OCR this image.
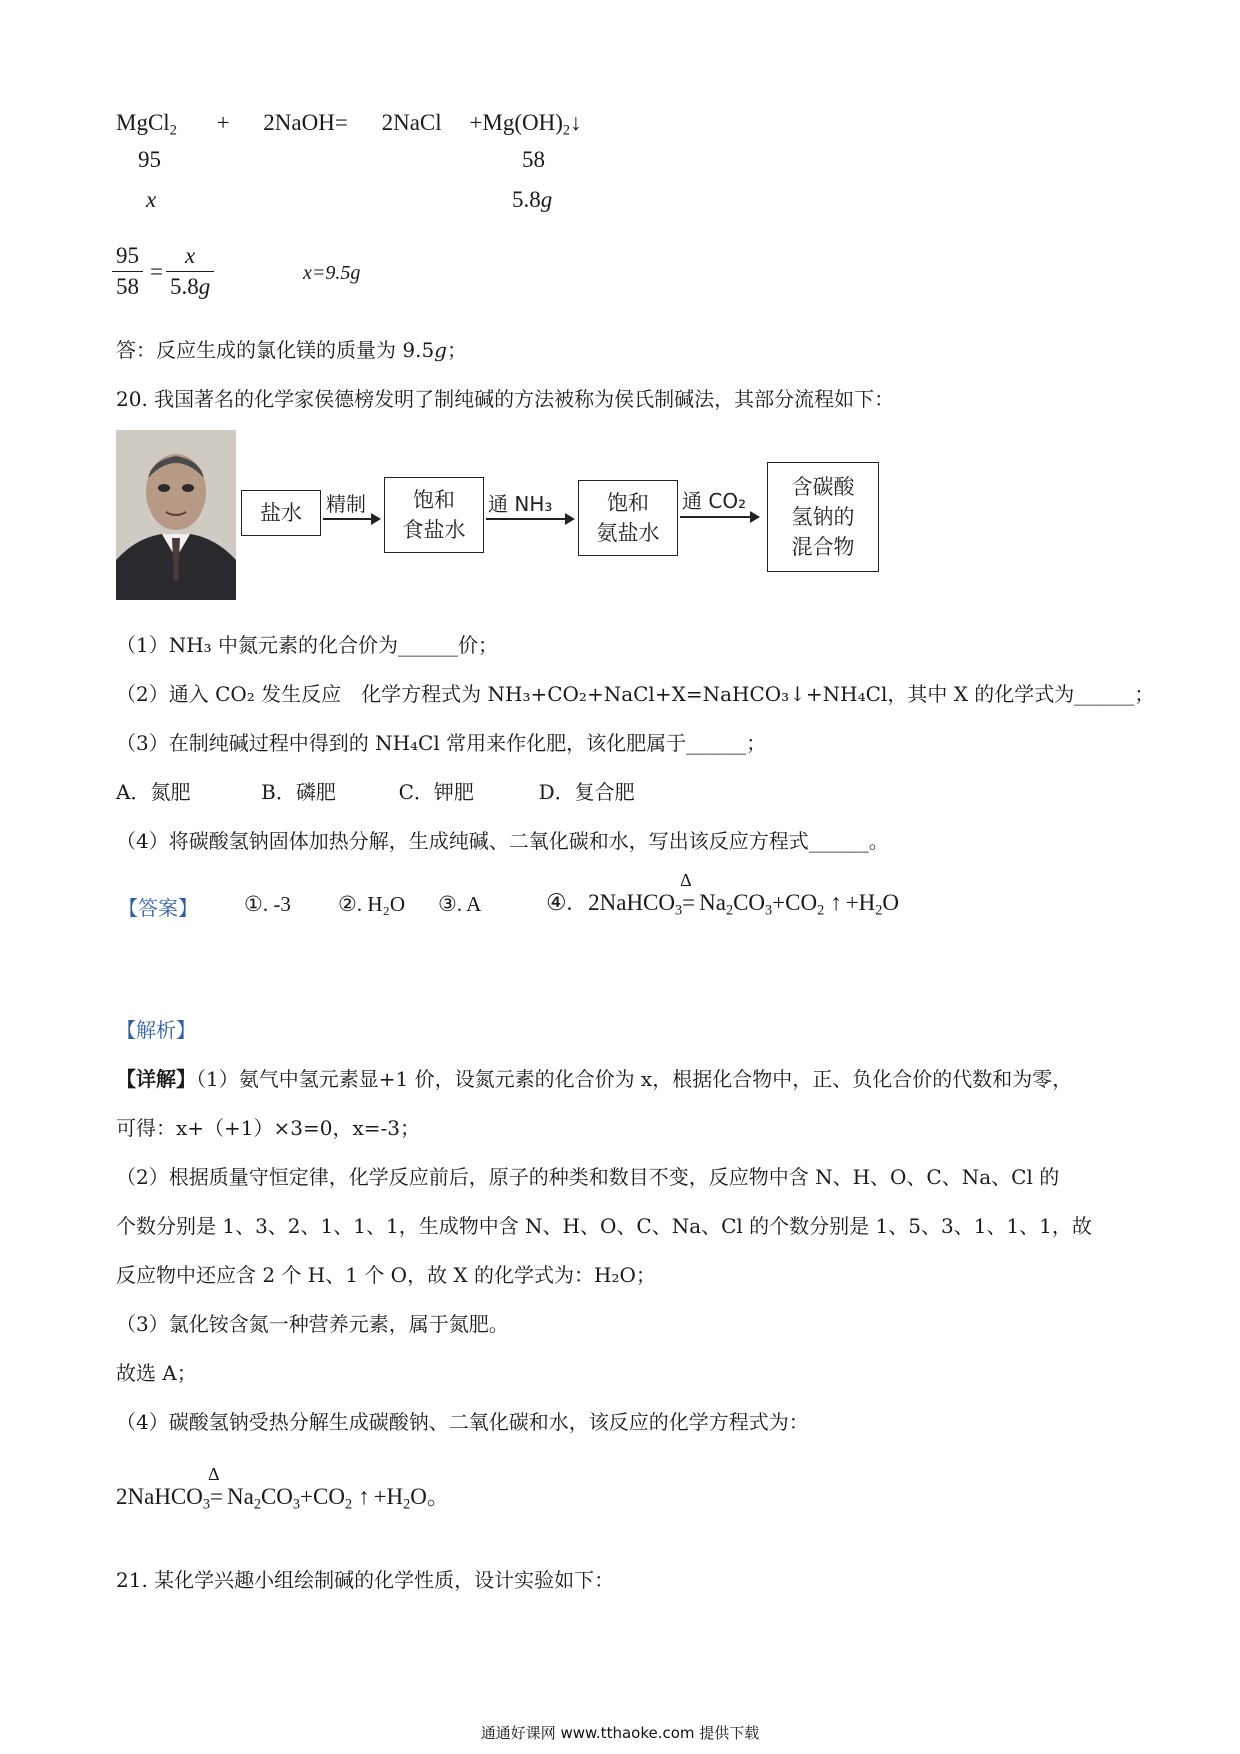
MgCl$_2$ + 2NaOH= 2NaCl $+Mg(OH)_2↓$
95	58
x	5.8g
$\frac{95}{58} = \frac{x}{5.8g}$	x=9.5g
答：反应生成的氯化镁的质量为 9.5g；
20. 我国著名的化学家侯德榜发明了制纯碱的方法被称为侯氏制碱法，其部分流程如下：
盐水	精制	饱和
食盐水
通 NH₃	饱和
氨盐水
通 CO₂
含碳酸
氢钠的
混合物
（1）NH₃ 中氮元素的化合价为______价；
（2）通入 CO₂ 发生反应　化学方程式为 NH₃+CO₂+NaCl+X=NaHCO₃↓+NH₄Cl，其中 X 的化学式为______；
（3）在制纯碱过程中得到的 NH₄Cl 常用来作化肥，该化肥属于______；
A．氮肥	B．磷肥	C．钾肥	D．复合肥
（4）将碳酸氢钠固体加热分解，生成纯碱、二氧化碳和水，写出该反应方程式______。
【答案】 ①. -3 ②. H₂O ③. A	④. 2NaHCO$_3$
Δ
= $Na_2CO_3+CO_2$ ↑ $+H_2O$
【解析】
【详解】（1）氨气中氢元素显+1 价，设氮元素的化合价为 x，根据化合物中，正、负化合价的代数和为零，
可得：x+（+1）×3=0，x=-3；
（2）根据质量守恒定律，化学反应前后，原子的种类和数目不变，反应物中含 N、H、O、C、Na、Cl 的
个数分别是 1、3、2、1、1、1，生成物中含 N、H、O、C、Na、Cl 的个数分别是 1、5、3、1、1、1，故
反应物中还应含 2 个 H、1 个 O，故 X 的化学式为：H₂O；
（3）氯化铵含氮一种营养元素，属于氮肥。
故选 A；
（4）碳酸氢钠受热分解生成碳酸钠、二氧化碳和水，该反应的化学方程式为：
2NaHCO$_3$
Δ
= $Na_2CO_3+CO_2$ ↑ $+H_2O$。
21. 某化学兴趣小组绘制碱的化学性质，设计实验如下：
通通好课网 www.tthaoke.com 提供下载
